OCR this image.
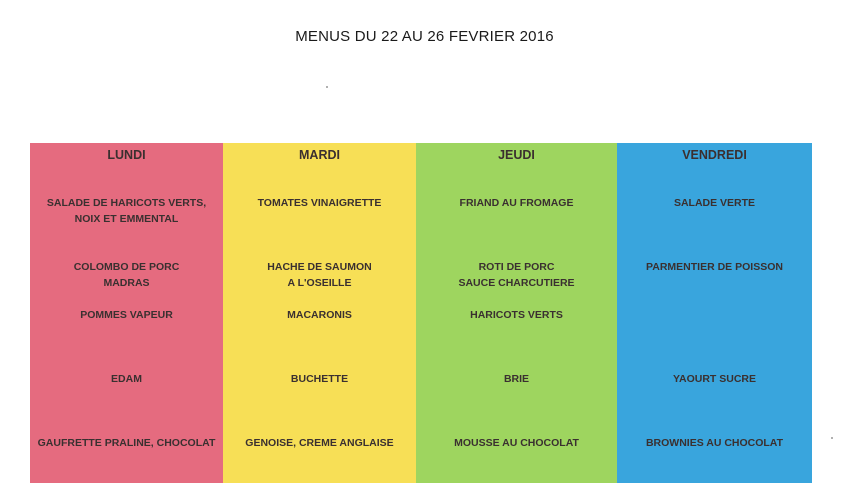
MENUS DU 22 AU 26 FEVRIER 2016
LUNDI
SALADE DE HARICOTS VERTS,
NOIX ET EMMENTAL
COLOMBO DE PORC
MADRAS
POMMES VAPEUR
EDAM
GAUFRETTE PRALINE, CHOCOLAT
MARDI
TOMATES VINAIGRETTE
HACHE DE SAUMON
A L'OSEILLE
MACARONIS
BUCHETTE
GENOISE, CREME ANGLAISE
JEUDI
FRIAND AU FROMAGE
ROTI DE PORC
SAUCE CHARCUTIERE
HARICOTS VERTS
BRIE
MOUSSE AU CHOCOLAT
VENDREDI
SALADE VERTE
PARMENTIER DE POISSON
YAOURT SUCRE
BROWNIES AU CHOCOLAT
